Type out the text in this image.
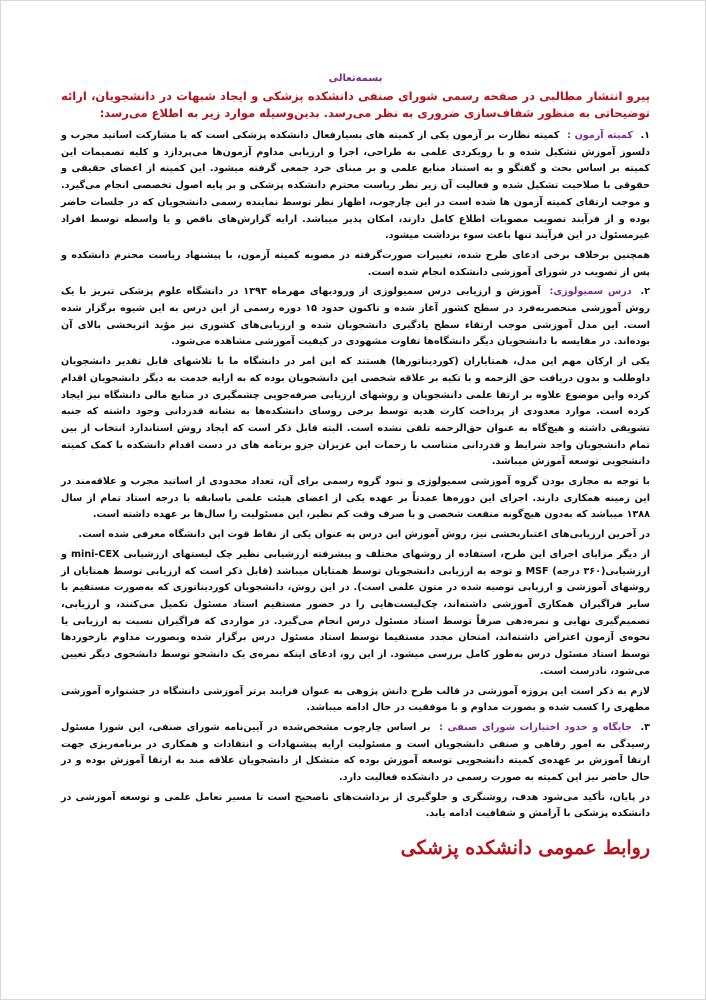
بسمه‌تعالی

پیرو انتشار مطالبی در صفحه رسمی شورای صنفی دانشکده پزشکی و ایجاد شبهات در دانشجویان، ارائه توضیحاتی به منظور شفاف‌سازی ضروری به نظر می‌رسد. بدین‌وسیله موارد زیر به اطلاع می‌رسد:

۱. کمیته آزمون : کمیته نظارت بر آزمون یکی از کمیته های بسیارفعال دانشکده پزشکی است که با مشارکت اساتید مجرب و دلسوز آموزش تشکیل شده و با رویکردی علمی به طراحی، اجرا و ارزیابی مداوم آزمون‌ها می‌پردازد و کلیه تصمیمات این کمیته بر اساس بحث و گفتگو و به استناد منابع علمی و بر مبنای خرد جمعی گرفته میشود. این کمیته از اعضای حقیقی و حقوقی با صلاحیت تشکیل شده و فعالیت آن زیر نظر ریاست محترم دانشکده پزشکی و بر پایه اصول تخصصی انجام می‌گیرد. و موجب ارتقای کمیته آزمون ها شده است در این چارچوب، اظهار نظر توسط نماینده رسمی دانشجویان که در جلسات حاضر بوده و از فرآیند تصویب مصوبات اطلاع کامل دارند، امکان پذیر میباشد. ارایه گزارش‌های ناقص و یا واسطه توسط افراد غیرمسئول در این فرآیند تنها باعث سوء برداشت میشود.

همچنین برخلاف برخی ادعای طرح شده، تغییرات صورت‌گرفته در مصوبه کمیته آزمون، با پیشنهاد ریاست محترم دانشکده و پس از تصویب در شورای آموزشی دانشکده انجام شده است.

۲. درس سمیولوژی: آموزش و ارزیابی درس سمیولوژی از ورودیهای مهرماه ۱۳۹۳ در دانشگاه علوم پزشکی تبریز با یک روش آموزشی منحصربه‌فرد در سطح کشور آغاز شده و تاکنون حدود ۱۵ دوره رسمی از این درس به این شیوه برگزار شده است. این مدل آموزشی موجب ارتقاء سطح یادگیری دانشجویان شده و ارزیابی‌های کشوری نیز مؤید اثربخشی بالای آن بوده‌اند. در مقایسه با دانشجویان دیگر دانشگاه‌ها تفاوت مشهودی در کیفیت آموزشی مشاهده می‌شود.

یکی از ارکان مهم این مدل، همتایاران (کوردیناتورها) هستند که این امر در دانشگاه ما با تلاشهای قابل تقدیر دانشجویان داوطلب و بدون دریافت حق الزحمه و با تکیه بر علاقه شخصی این دانشجویان بوده که به ارایه خدمت به دیگر دانشجویان اقدام کرده واین موضوع علاوه بر ارتقا علمی دانشجویان و روشهای ارزیابی صرفه‌جویی چشمگیری در منابع مالی دانشگاه نیز ایجاد کرده است. موارد معدودی از پرداخت کارت هدیه توسط برخی روسای دانشکده‌ها به نشانه قدردانی وجود داشته که جنبه تشویقی داشته و هیچ‌گاه به عنوان حق‌الزحمه تلقی نشده است. البته قابل ذکر است که ایجاد روش استاندارد انتخاب از بین تمام دانشجویان واجد شرایط و قدردانی متناسب با زحمات این عزیزان جزو برنامه های در دست اقدام دانشکده با کمک کمیته دانشجویی توسعه آموزش میباشد.

با توجه به مجازی بودن گروه آموزشی سمیولوژی و نبود گروه رسمی برای آن، تعداد محدودی از اساتید مجرب و علاقه‌مند در این زمینه همکاری دارند. اجرای این دوره‌ها عمدتاً بر عهده یکی از اعضای هیئت علمی باسابقه با درجه استاد تمام از سال ۱۳۸۸ میباشد که به‌دون هیچ‌گونه منفعت شخصی و با صرف وقت کم نظیر، این مسئولیت را سال‌ها بر عهده داشته است.

در آخرین ارزیابی‌های اعتباربخشی نیز، روش آموزش این درس به عنوان یکی از نقاط قوت این دانشگاه معرفی شده است.

از دیگر مزایای اجرای این طرح، استفاده از روشهای مختلف و پیشرفته ارزشیابی نظیر چک لیستهای ارزشیابی mini-CEX و ارزشیابی(۳۶۰ درجه) MSF و توجه به ارزیابی دانشجویان توسط همتایان میباشد (قابل ذکر است که ارزیابی توسط همتایان از روشهای آموزشی و ارزیابی توصیه شده در متون علمی است). در این روش، دانشجویان کوردیناتوری که به‌صورت مستقیم با سایر فراگیران همکاری آموزشی داشته‌اند، چک‌لیست‌هایی را در حضور مستقیم استاد مسئول تکمیل می‌کنند، و ارزیابی، تصمیم‌گیری نهایی و نمره‌دهی صرفاً توسط استاد مسئول درس انجام می‌گیرد. در مواردی که فراگیران نسبت به ارزیابی یا نحوه‌ی آزمون اعتراض داشته‌اند، امتحان مجدد مستقیما توسط استاد مسئول درس برگزار شده وبصورت مداوم بازخوردها توسط استاد مسئول درس به‌طور کامل بررسی میشود. از این رو، ادعای اینکه نمره‌ی یک دانشجو توسط دانشجوی دیگر تعیین می‌شود، نادرست است.

لازم به ذکر است این پروژه آموزشی در قالب طرح دانش پژوهی به عنوان فرایند برتر آموزشی دانشگاه در جشنواره آموزشی مطهری را کسب شده و بصورت مداوم و با موفقیت در حال ادامه میباشد.

۳. جایگاه و حدود اختیارات شورای صنفی : بر اساس چارچوب مشخص‌شده در آیین‌نامه شورای صنفی، این شورا مسئول رسیدگی به امور رفاهی و صنفی دانشجویان است و مسئولیت ارایه پیشنهادات و انتقادات و همکاری در برنامه‌ریزی جهت ارتقا آموزش بر عهده‌ی کمیته دانشجویی توسعه آموزش بوده که متشکل از دانشجویان علاقه مند به ارتقا آموزش بوده و در حال حاضر نیز این کمیته به صورت رسمی در دانشکده فعالیت دارد.

در پایان، تأکید می‌شود هدف، روشنگری و جلوگیری از برداشت‌های ناصحیح است تا مسیر تعامل علمی و توسعه آموزشی در دانشکده پزشکی با آرامش و شفافیت ادامه یابد.

روابط عمومی دانشکده پزشکی
